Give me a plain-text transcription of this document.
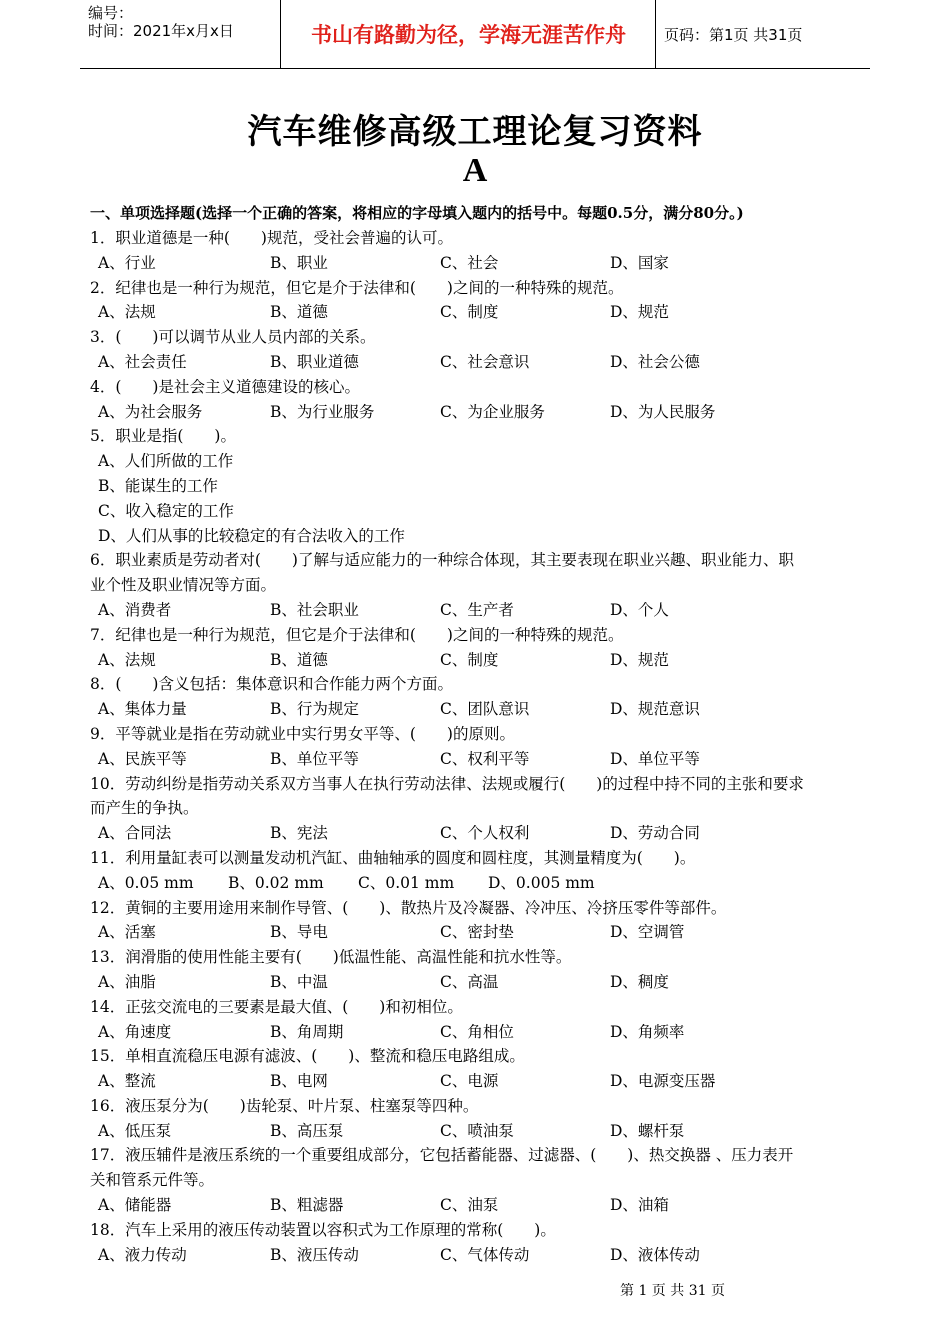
编号：
时间：2021年x月x日	书山有路勤为径，学海无涯苦作舟	页码：第1页 共31页
汽车维修高级工理论复习资料
A
一、单项选择题(选择一个正确的答案，将相应的字母填入题内的括号中。每题0.5分，满分80分。)
1．职业道德是一种(　　)规范，受社会普遍的认可。
A、行业	B、职业	C、社会	D、国家
2．纪律也是一种行为规范，但它是介于法律和(　　)之间的一种特殊的规范。
A、法规	B、道德	C、制度	D、规范
3．(　　)可以调节从业人员内部的关系。
A、社会责任	B、职业道德	C、社会意识	D、社会公德
4．(　　)是社会主义道德建设的核心。
A、为社会服务	B、为行业服务	C、为企业服务	D、为人民服务
5．职业是指(　　)。
A、人们所做的工作
B、能谋生的工作
C、收入稳定的工作
D、人们从事的比较稳定的有合法收入的工作
6．职业素质是劳动者对(　　)了解与适应能力的一种综合体现，其主要表现在职业兴趣、职业能力、职
业个性及职业情况等方面。
A、消费者	B、社会职业	C、生产者	D、个人
7．纪律也是一种行为规范，但它是介于法律和(　　)之间的一种特殊的规范。
A、法规	B、道德	C、制度	D、规范
8．(　　)含义包括：集体意识和合作能力两个方面。
A、集体力量	B、行为规定	C、团队意识	D、规范意识
9．平等就业是指在劳动就业中实行男女平等、(　　)的原则。
A、民族平等	B、单位平等	C、权利平等	D、单位平等
10．劳动纠纷是指劳动关系双方当事人在执行劳动法律、法规或履行(　　)的过程中持不同的主张和要求
而产生的争执。
A、合同法	B、宪法	C、个人权利	D、劳动合同
11．利用量缸表可以测量发动机汽缸、曲轴轴承的圆度和圆柱度，其测量精度为(　　)。
A、0.05 mm B、0.02 mm C、0.01 mm D、0.005 mm
12．黄铜的主要用途用来制作导管、(　　)、散热片及冷凝器、冷冲压、冷挤压零件等部件。
A、活塞	B、导电	C、密封垫	D、空调管
13．润滑脂的使用性能主要有(　　)低温性能、高温性能和抗水性等。
A、油脂	B、中温	C、高温	D、稠度
14．正弦交流电的三要素是最大值、(　　)和初相位。
A、角速度	B、角周期	C、角相位	D、角频率
15．单相直流稳压电源有滤波、(　　)、整流和稳压电路组成。
A、整流	B、电网	C、电源	D、电源变压器
16．液压泵分为(　　)齿轮泵、叶片泵、柱塞泵等四种。
A、低压泵	B、高压泵	C、喷油泵	D、螺杆泵
17．液压辅件是液压系统的一个重要组成部分，它包括蓄能器、过滤器、(　　)、热交换器 、压力表开
关和管系元件等。
A、储能器	B、粗滤器	C、油泵	D、油箱
18．汽车上采用的液压传动装置以容积式为工作原理的常称(　　)。
A、液力传动	B、液压传动	C、气体传动	D、液体传动
第 1 页 共 31 页
